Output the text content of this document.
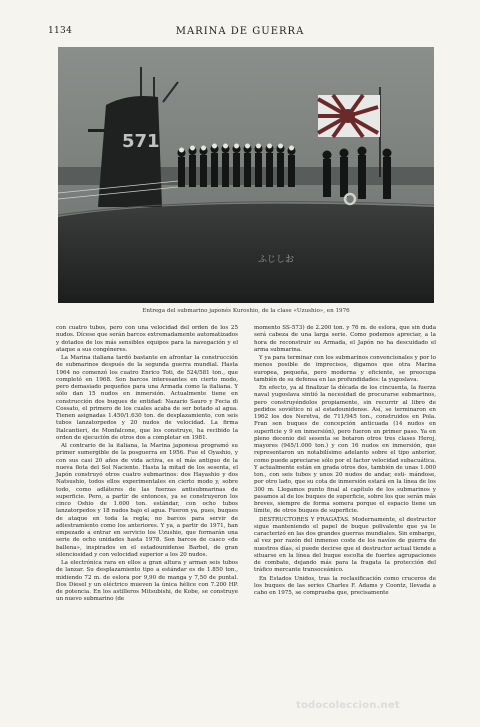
1134	MARINA DE GUERRA
571
ふじしお
Entrega del submarino japonés Kuroshio, de la clase «Uzushio», en 1976

con cuatro tubos, pero con una velocidad del orden de los 25 nudos. Dícese que serán barcos extremadamente automatizados y dotados de los más sensibles equipos para la navegación y el ataque a sus congéneres.

La Marina italiana tardó bastante en afrontar la construcción de submarinos después de la segunda guerra mundial. Hasta 1964 no comenzó los cuatro Enrico Toti, de 524/581 ton., que completó en 1968. Son barcos interesantes en cierto modo, pero demasiado pequeños para una Armada como la italiana. Y sólo dan 15 nudos en inmersión. Actualmente tiene en construcción dos buques de entidad: Nazario Sauro y Fecia di Cossato, el primero de los cuales acaba de ser botado al agua. Tienen asignadas 1.450/1.630 ton. de desplazamiento, con seis tubos lanzatorpedos y 20 nudos de velocidad. La firma Italcantieri, de Monfalcone, que los construye, ha recibido la orden de ejecución de otros dos a completar en 1981.

Al contrario de la italiana, la Marina japonesa programó su primer sumergible de la posguerra en 1956. Fue el Oyashio, y con sus casi 20 años de vida activa, es el más antiguo de la nueva flota del Sol Naciente. Hasta la mitad de los sesenta, el Japón construyó otros cuatro submarinos: dos Hayashio y dos Natsushio, todos ellos experimentales en cierto modo y, sobre todo, como adláteres de las fuerzas antisubmarinas de superficie. Pero, a partir de entonces, ya se construyeron los cinco Oshio de 1.600 ton. estándar, con ocho tubos lanzatorpedos y 18 nudos bajo el agua. Fueron ya, pues, buques de ataque en toda la regla; no barcos para servir de adiestramiento como los anteriores. Y ya, a partir de 1971, han empezado a entrar en servicio los Uzushio, que formarán una serie de ocho unidades hasta 1978. Son barcos de casco «de ballena», inspirados en el estadounidense Barbel, de gran silenciosidad y con velocidad superior a los 20 nudos.

La electrónica rara en ellos a gran altura y arman seis tubos de lanzar. Su desplazamiento tipo a estándar es de 1.850 ton., midiendo 72 m. de eslora por 9,90 de manga y 7,50 de puntal. Dos Diesel y un eléctrico mueven la única hélice con 7.200 HP. de potencia. En los astilleros Mitsubishi, de Kobe, se construye un nuevo submarino (de

momento SS-573) de 2.200 ton. y 76 m. de eslora, que sin duda será cabeza de una larga serie. Como podemos apreciar, a la hora de reconstruir su Armada, el Japón no ha descuidado el arma submarina.

Y ya para terminar con los submarinos convencionales y por lo menos posible de imprecisos, digamos que otra Marina europea, pequeña, pero moderna y eficiente, se preocupa también de su defensa en las profundidades: la yugoslava.

En efecto, ya al finalizar la década de los cincuenta, la fuerza naval yugoslava sintió la necesidad de procurarse submarinos, pero construyéndolos propiamente, sin recurrir al libro de pedidos soviético ni al estadounidense. Así, se terminaron en 1962 los dos Neretva, de 711/945 ton., construidos en Pola. Fran sen buques de concepción anticuada (14 nudos en superficie y 9 en inmersión), pero fueron un primer paso. Ya en pleno decenio del sesenta se botaron otros tres clases Heroj, mayores (945/1.000 ton.) y con 16 nudos en inmersión, que representaron un notabilísimo adelanto sobre el tipo anterior, como puede apreciarse sólo por el factor velocidad subacuática. Y actualmente están en grada otros dos, también de unas 1.000 ton., con seis tubos y unos 20 nudos de andar, esti- mándose, por otro lado, que su cota de inmersión estará en la línea de los 300 m. Llegamos punto final al capítulo de los submarinos y pasamos al de los buques de superficie, sobre los que serán más breves, siempre de forma somera porque el espacio tiene un límite, de otros buques de superficie.

DESTRUCTORES Y FRAGATAS. Modernamente, el destructor sigue manteniendo el papel de buque polivalente que ya le caracterizó en las dos grandes guerras mundiales. Sin embargo, al vez por razón del inmenso coste de los navíos de guerra de nuestros días, sí puede decirse que el destructor actual tiende a situarse en la línea del buque escolta de fuertes agrupaciones de combate, dejando más para la fragata la protección del tráfico mercante transoceánico.

En Estados Unidos, tras la reclasificación como cruceros de los buques de las series Charles F. Adams y Coontz, llevada a cabo en 1975, se comprueba que, precisamente

todocoleccion.net
